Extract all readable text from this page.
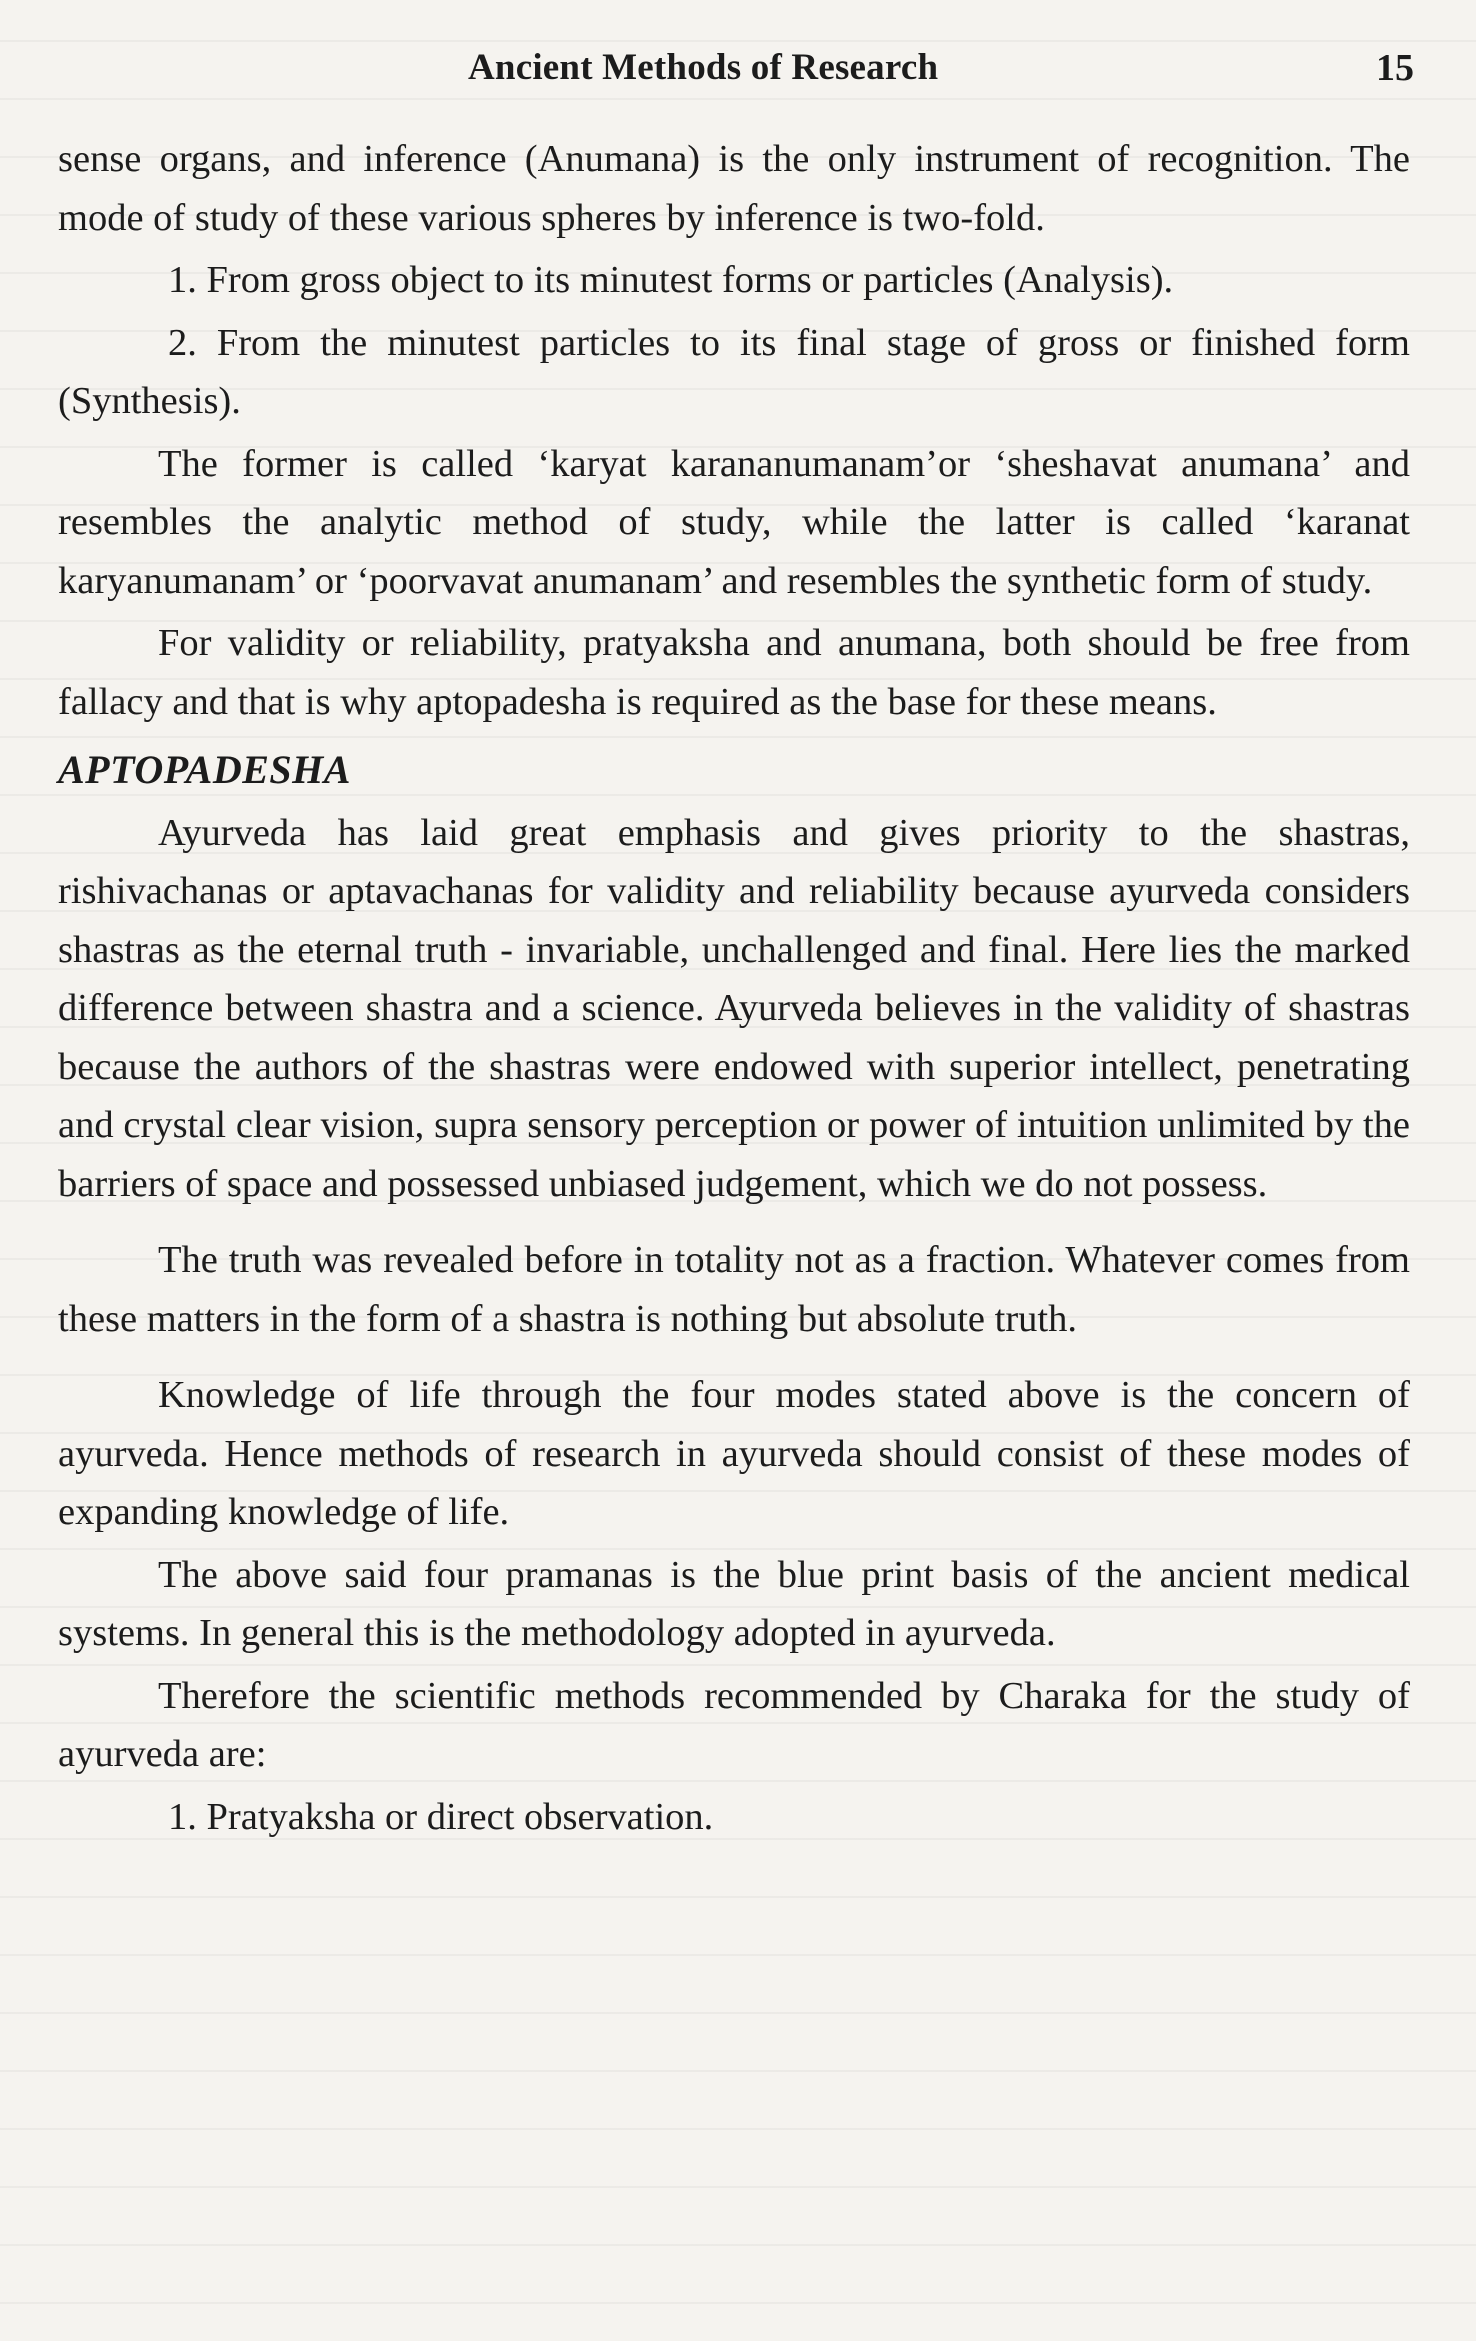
Ancient Methods of Research	15

sense organs, and inference (Anumana) is the only instrument of recognition. The mode of study of these various spheres by inference is two-fold.

1. From gross object to its minutest forms or particles (Analysis).

2. From the minutest particles to its final stage of gross or finished form (Synthesis).

The former is called ‘karyat karananumanam’or ‘sheshavat anumana’ and resembles the analytic method of study, while the latter is called ‘karanat karyanumanam’ or ‘poorvavat anumanam’ and resembles the synthetic form of study.

For validity or reliability, pratyaksha and anumana, both should be free from fallacy and that is why aptopadesha is required as the base for these means.

APTOPADESHA

Ayurveda has laid great emphasis and gives priority to the shastras, rishivachanas or aptavachanas for validity and reliability because ayurveda considers shastras as the eternal truth - invariable, unchallenged and final. Here lies the marked difference between shastra and a science. Ayurveda believes in the validity of shastras because the authors of the shastras were endowed with superior intellect, penetrating and crystal clear vision, supra sensory perception or power of intuition unlimited by the barriers of space and possessed unbiased judgement, which we do not possess.

The truth was revealed before in totality not as a fraction. Whatever comes from these matters in the form of a shastra is nothing but absolute truth.

Knowledge of life through the four modes stated above is the concern of ayurveda. Hence methods of research in ayurveda should consist of these modes of expanding knowledge of life.

The above said four pramanas is the blue print basis of the ancient medical systems. In general this is the methodology adopted in ayurveda.

Therefore the scientific methods recommended by Charaka for the study of ayurveda are:

1. Pratyaksha or direct observation.
